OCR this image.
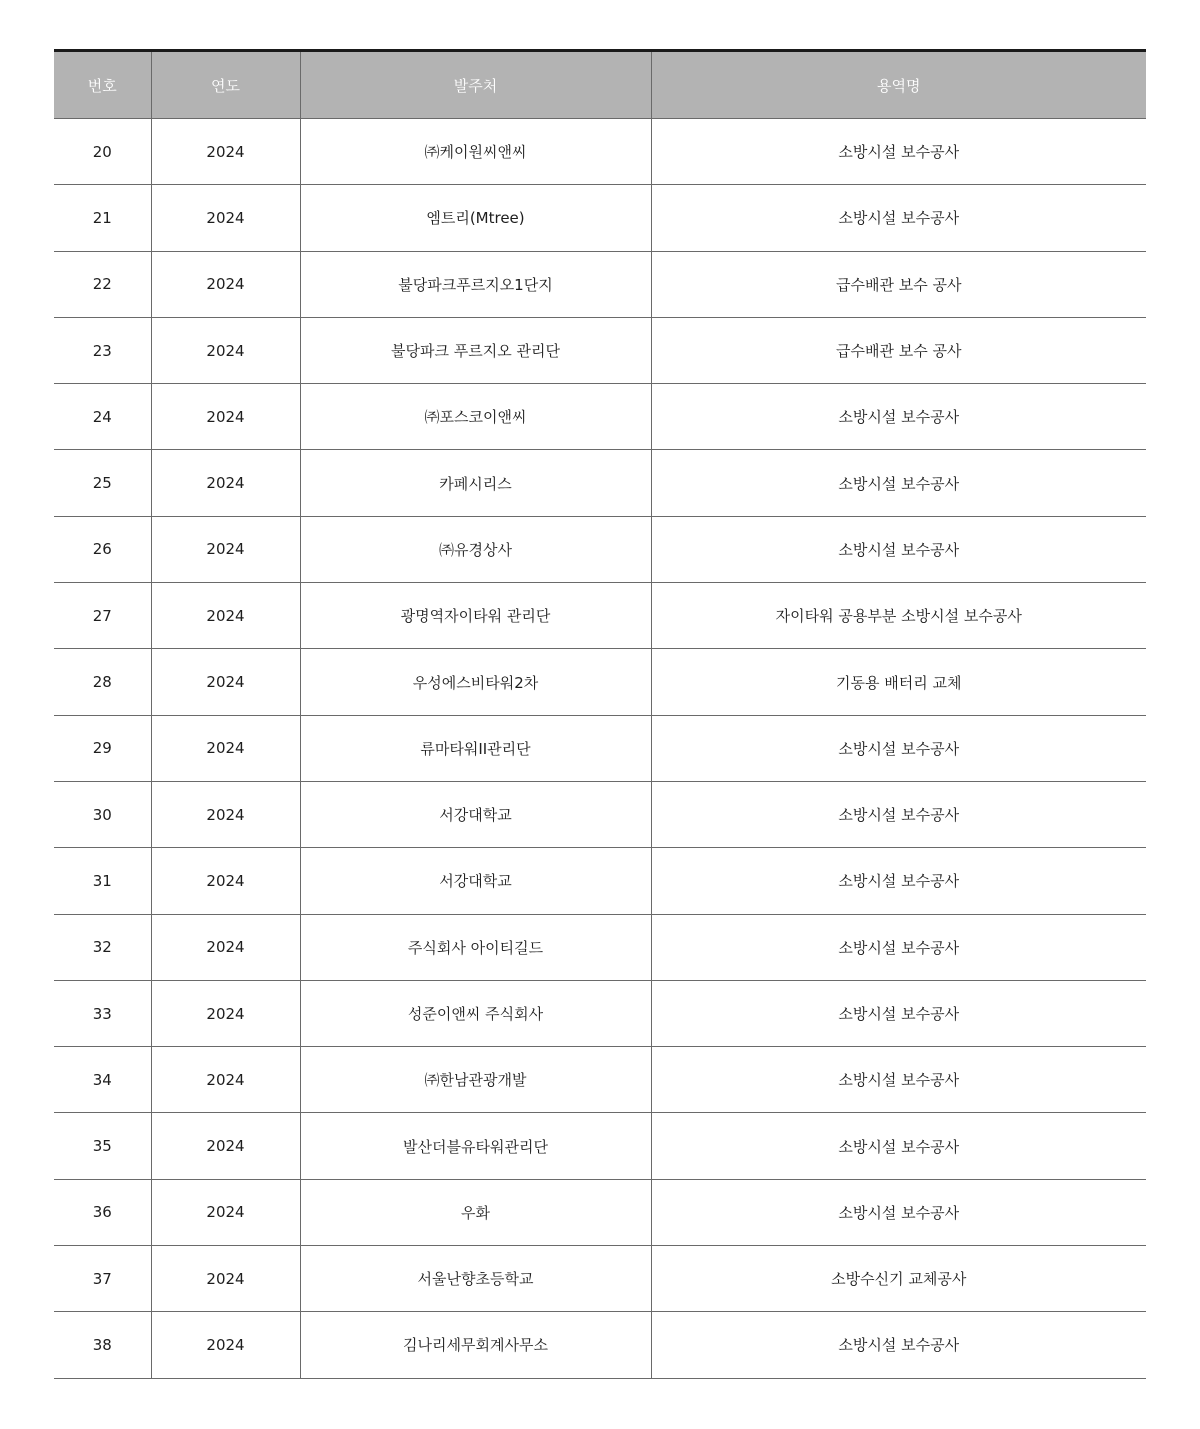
번호	연도	발주처	용역명
20	2024	㈜케이원씨앤씨	소방시설 보수공사
21	2024	엠트리(Mtree)	소방시설 보수공사
22	2024	불당파크푸르지오1단지	급수배관 보수 공사
23	2024	불당파크 푸르지오 관리단	급수배관 보수 공사
24	2024	㈜포스코이앤씨	소방시설 보수공사
25	2024	카페시리스	소방시설 보수공사
26	2024	㈜유경상사	소방시설 보수공사
27	2024	광명역자이타워 관리단	자이타워 공용부분 소방시설 보수공사
28	2024	우성에스비타워2차	기동용 배터리 교체
29	2024	류마타워II관리단	소방시설 보수공사
30	2024	서강대학교	소방시설 보수공사
31	2024	서강대학교	소방시설 보수공사
32	2024	주식회사 아이티길드	소방시설 보수공사
33	2024	성준이앤씨 주식회사	소방시설 보수공사
34	2024	㈜한남관광개발	소방시설 보수공사
35	2024	발산더블유타워관리단	소방시설 보수공사
36	2024	우화	소방시설 보수공사
37	2024	서울난향초등학교	소방수신기 교체공사
38	2024	김나리세무회계사무소	소방시설 보수공사
